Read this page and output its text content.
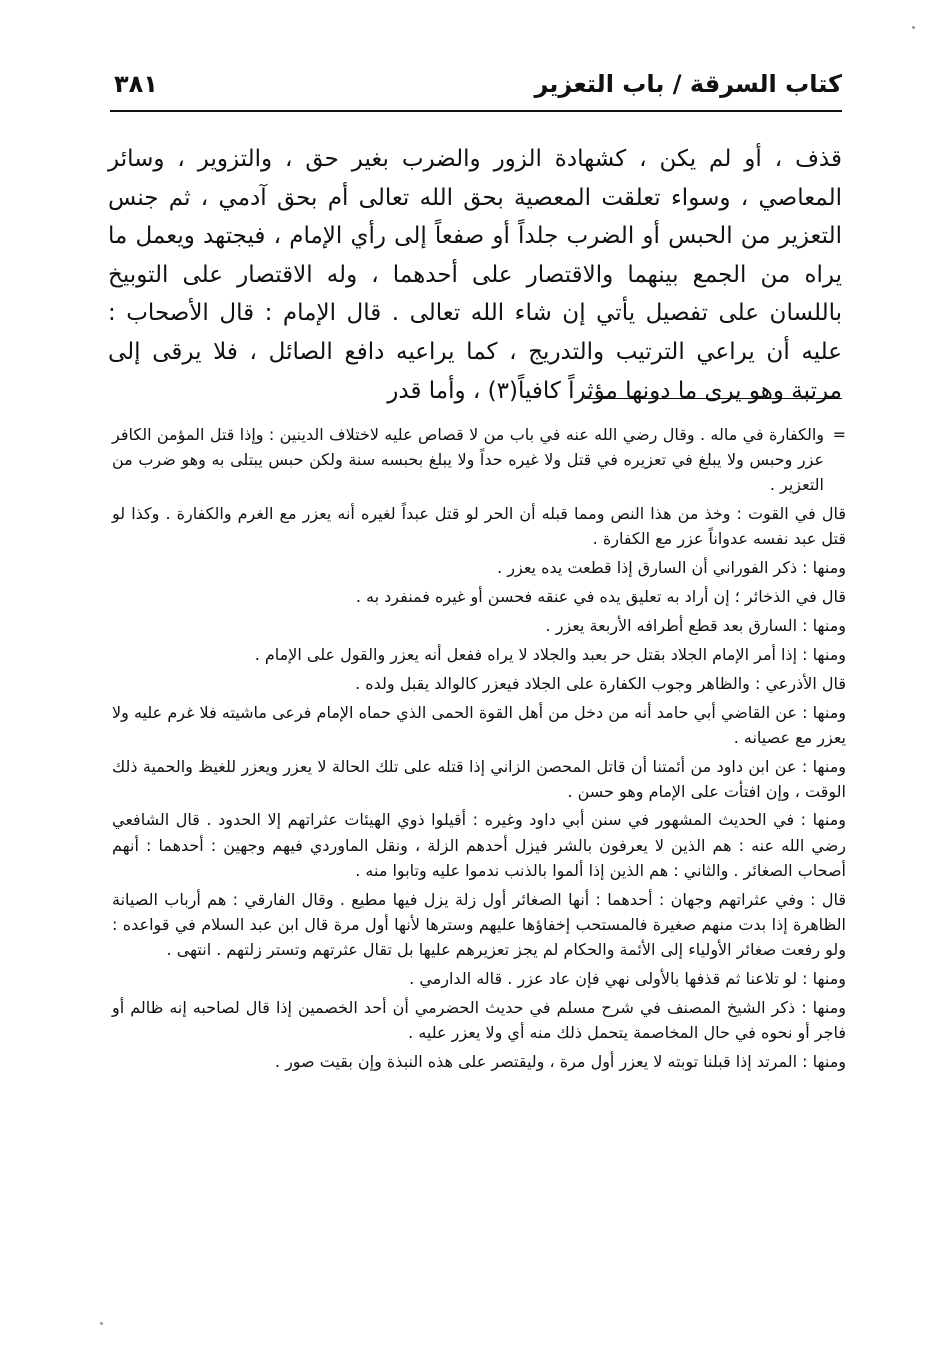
كتاب السرقة / باب التعزير
٣٨١

قذف ، أو لم يكن ، كشهادة الزور والضرب بغير حق ، والتزوير ، وسائر المعاصي ، وسواء تعلقت المعصية بحق الله تعالى أم بحق آدمي ، ثم جنس التعزير من الحبس أو الضرب جلداً أو صفعاً إلى رأي الإمام ، فيجتهد ويعمل ما يراه من الجمع بينهما والاقتصار على أحدهما ، وله الاقتصار على التوبيخ باللسان على تفصيل يأتي إن شاء الله تعالى . قال الإمام : قال الأصحاب : عليه أن يراعي الترتيب والتدريج ، كما يراعيه دافع الصائل ، فلا يرقى إلى مرتبة وهو يرى ما دونها مؤثراً كافياً(٣) ، وأما قدر

=
والكفارة في ماله . وقال رضي الله عنه في باب من لا قصاص عليه لاختلاف الدينين : وإذا قتل المؤمن الكافر عزر وحبس ولا يبلغ في تعزيره في قتل ولا غيره حداً ولا يبلغ بحبسه سنة ولكن حبس يبتلى به وهو ضرب من التعزير .

قال في القوت : وخذ من هذا النص ومما قبله أن الحر لو قتل عبداً لغيره أنه يعزر مع الغرم والكفارة . وكذا لو قتل عبد نفسه عدواناً عزر مع الكفارة .

ومنها : ذكر الفوراني أن السارق إذا قطعت يده يعزر .

قال في الذخائر ؛ إن أراد به تعليق يده في عنقه فحسن أو غيره فمنفرد به .

ومنها : السارق بعد قطع أطرافه الأربعة يعزر .

ومنها : إذا أمر الإمام الجلاد بقتل حر بعبد والجلاد لا يراه ففعل أنه يعزر والقول على الإمام .

قال الأذرعي : والظاهر وجوب الكفارة على الجلاد فيعزر كالوالد يقبل ولده .

ومنها : عن القاضي أبي حامد أنه من دخل من أهل القوة الحمى الذي حماه الإمام فرعى ماشيته فلا غرم عليه ولا يعزر مع عصيانه .

ومنها : عن ابن داود من أئمتنا أن قاتل المحصن الزاني إذا قتله على تلك الحالة لا يعزر ويعزر للغيظ والحمية ذلك الوقت ، وإن افتأت على الإمام وهو حسن .

ومنها : في الحديث المشهور في سنن أبي داود وغيره : أقيلوا ذوي الهيئات عثراتهم إلا الحدود . قال الشافعي رضي الله عنه : هم الذين لا يعرفون بالشر فيزل أحدهم الزلة ، ونقل الماوردي فيهم وجهين : أحدهما : أنهم أصحاب الصغائر . والثاني : هم الذين إذا ألموا بالذنب ندموا عليه وتابوا منه .

قال : وفي عثراتهم وجهان : أحدهما : أنها الصغائر أول زلة يزل فيها مطيع . وقال الفارقي : هم أرباب الصيانة الظاهرة إذا بدت منهم صغيرة فالمستحب إخفاؤها عليهم وسترها لأنها أول مرة قال ابن عبد السلام في قواعده : ولو رفعت صغائر الأولياء إلى الأئمة والحكام لم يجز تعزيرهم عليها بل تقال عثرتهم وتستر زلتهم . انتهى .

ومنها : لو تلاعنا ثم قذفها بالأولى نهي فإن عاد عزر . قاله الدارمي .

ومنها : ذكر الشيخ المصنف في شرح مسلم في حديث الحضرمي أن أحد الخصمين إذا قال لصاحبه إنه ظالم أو فاجر أو نحوه في حال المخاصمة يتحمل ذلك منه أي ولا يعزر عليه .

ومنها : المرتد إذا قبلنا توبته لا يعزر أول مرة ، وليقتصر على هذه النبذة وإن بقيت صور .
